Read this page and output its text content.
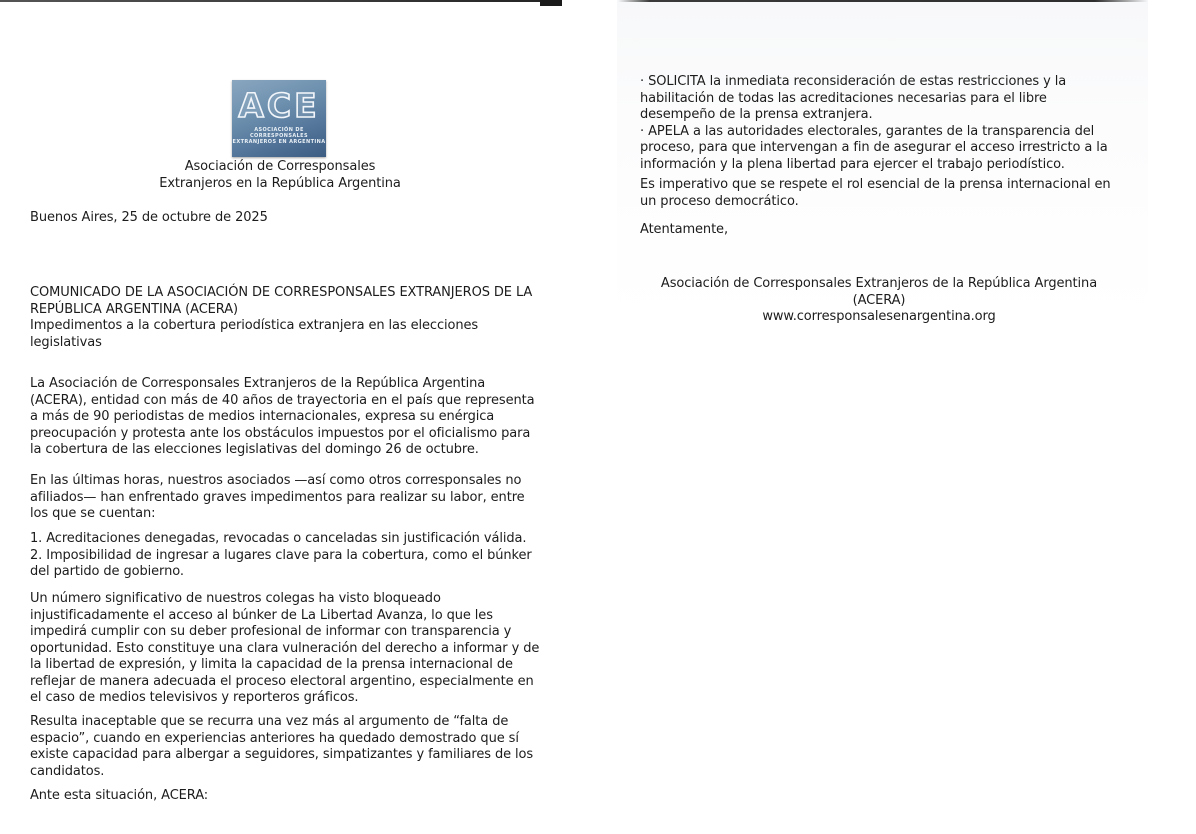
ACE
ASOCIACIÓN DE CORRESPONSALES
EXTRANJEROS EN ARGENTINA
Asociación de Corresponsales
Extranjeros en la República Argentina

Buenos Aires, 25 de octubre de 2025

COMUNICADO DE LA ASOCIACIÓN DE CORRESPONSALES EXTRANJEROS DE LA REPÚBLICA ARGENTINA (ACERA)
Impedimentos a la cobertura periodística extranjera en las elecciones legislativas

La Asociación de Corresponsales Extranjeros de la República Argentina (ACERA), entidad con más de 40 años de trayectoria en el país que representa a más de 90 periodistas de medios internacionales, expresa su enérgica preocupación y protesta ante los obstáculos impuestos por el oficialismo para la cobertura de las elecciones legislativas del domingo 26 de octubre.

En las últimas horas, nuestros asociados —así como otros corresponsales no afiliados— han enfrentado graves impedimentos para realizar su labor, entre los que se cuentan:

1. Acreditaciones denegadas, revocadas o canceladas sin justificación válida.
2. Imposibilidad de ingresar a lugares clave para la cobertura, como el búnker del partido de gobierno.

Un número significativo de nuestros colegas ha visto bloqueado injustificadamente el acceso al búnker de La Libertad Avanza, lo que les impedirá cumplir con su deber profesional de informar con transparencia y oportunidad. Esto constituye una clara vulneración del derecho a informar y de la libertad de expresión, y limita la capacidad de la prensa internacional de reflejar de manera adecuada el proceso electoral argentino, especialmente en el caso de medios televisivos y reporteros gráficos.

Resulta inaceptable que se recurra una vez más al argumento de “falta de espacio”, cuando en experiencias anteriores ha quedado demostrado que sí existe capacidad para albergar a seguidores, simpatizantes y familiares de los candidatos.

Ante esta situación, ACERA:

· SOLICITA la inmediata reconsideración de estas restricciones y la habilitación de todas las acreditaciones necesarias para el libre desempeño de la prensa extranjera.
· APELA a las autoridades electorales, garantes de la transparencia del proceso, para que intervengan a fin de asegurar el acceso irrestricto a la información y la plena libertad para ejercer el trabajo periodístico.

Es imperativo que se respete el rol esencial de la prensa internacional en un proceso democrático.

Atentamente,

Asociación de Corresponsales Extranjeros de la República Argentina (ACERA)
www.corresponsalesenargentina.org
